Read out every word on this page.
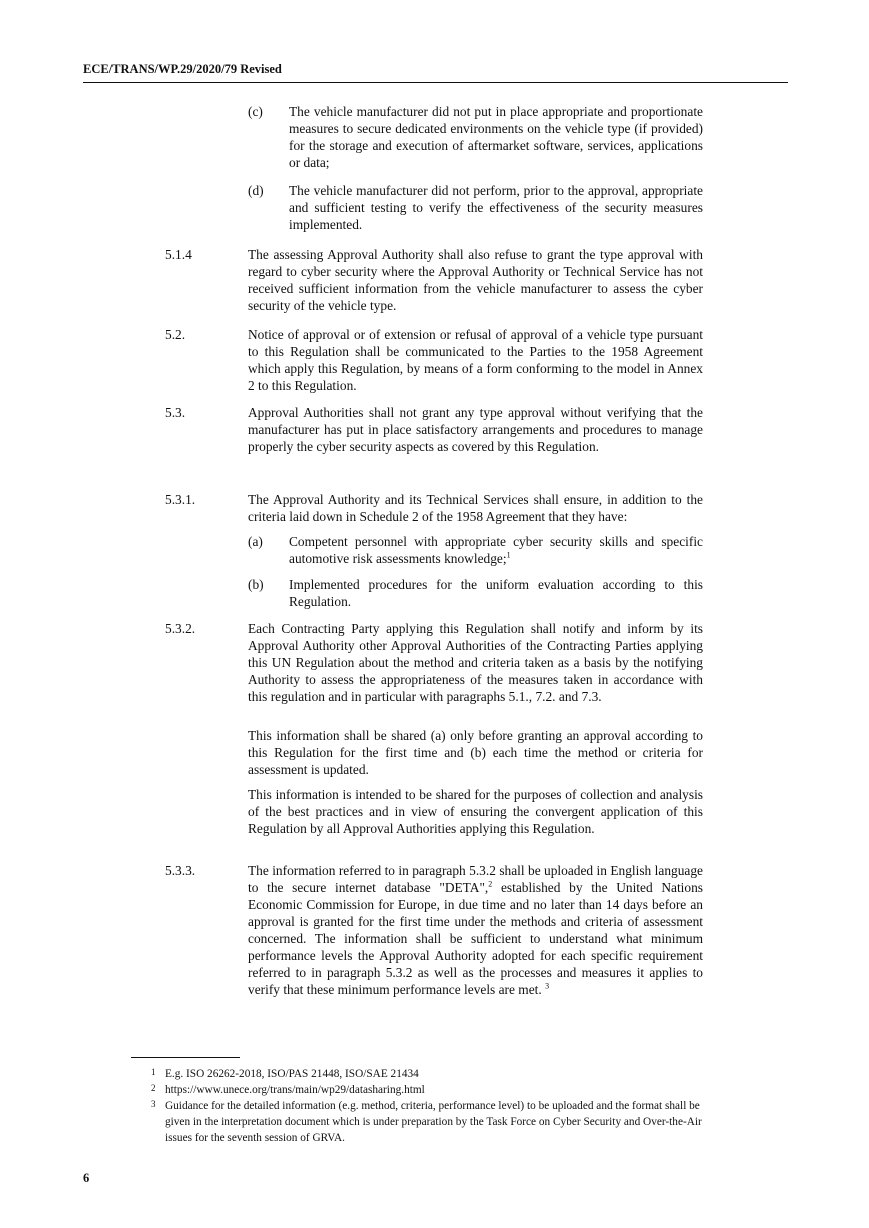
ECE/TRANS/WP.29/2020/79 Revised
(c) The vehicle manufacturer did not put in place appropriate and proportionate measures to secure dedicated environments on the vehicle type (if provided) for the storage and execution of aftermarket software, services, applications or data;
(d) The vehicle manufacturer did not perform, prior to the approval, appropriate and sufficient testing to verify the effectiveness of the security measures implemented.
5.1.4	The assessing Approval Authority shall also refuse to grant the type approval with regard to cyber security where the Approval Authority or Technical Service has not received sufficient information from the vehicle manufacturer to assess the cyber security of the vehicle type.
5.2.	Notice of approval or of extension or refusal of approval of a vehicle type pursuant to this Regulation shall be communicated to the Parties to the 1958 Agreement which apply this Regulation, by means of a form conforming to the model in Annex 2 to this Regulation.
5.3.	Approval Authorities shall not grant any type approval without verifying that the manufacturer has put in place satisfactory arrangements and procedures to manage properly the cyber security aspects as covered by this Regulation.
5.3.1.	The Approval Authority and its Technical Services shall ensure, in addition to the criteria laid down in Schedule 2 of the 1958 Agreement that they have:
(a) Competent personnel with appropriate cyber security skills and specific automotive risk assessments knowledge;$^1$
(b) Implemented procedures for the uniform evaluation according to this Regulation.
5.3.2.	Each Contracting Party applying this Regulation shall notify and inform by its Approval Authority other Approval Authorities of the Contracting Parties applying this UN Regulation about the method and criteria taken as a basis by the notifying Authority to assess the appropriateness of the measures taken in accordance with this regulation and in particular with paragraphs 5.1., 7.2. and 7.3.
This information shall be shared (a) only before granting an approval according to this Regulation for the first time and (b) each time the method or criteria for assessment is updated.
This information is intended to be shared for the purposes of collection and analysis of the best practices and in view of ensuring the convergent application of this Regulation by all Approval Authorities applying this Regulation.
5.3.3.	The information referred to in paragraph 5.3.2 shall be uploaded in English language to the secure internet database "DETA",$^2$ established by the United Nations Economic Commission for Europe, in due time and no later than 14 days before an approval is granted for the first time under the methods and criteria of assessment concerned. The information shall be sufficient to understand what minimum performance levels the Approval Authority adopted for each specific requirement referred to in paragraph 5.3.2 as well as the processes and measures it applies to verify that these minimum performance levels are met. $^3$
1 E.g. ISO 26262-2018, ISO/PAS 21448, ISO/SAE 21434
2 https://www.unece.org/trans/main/wp29/datasharing.html
3 Guidance for the detailed information (e.g. method, criteria, performance level) to be uploaded and the format shall be given in the interpretation document which is under preparation by the Task Force on Cyber Security and Over-the-Air issues for the seventh session of GRVA.
6
